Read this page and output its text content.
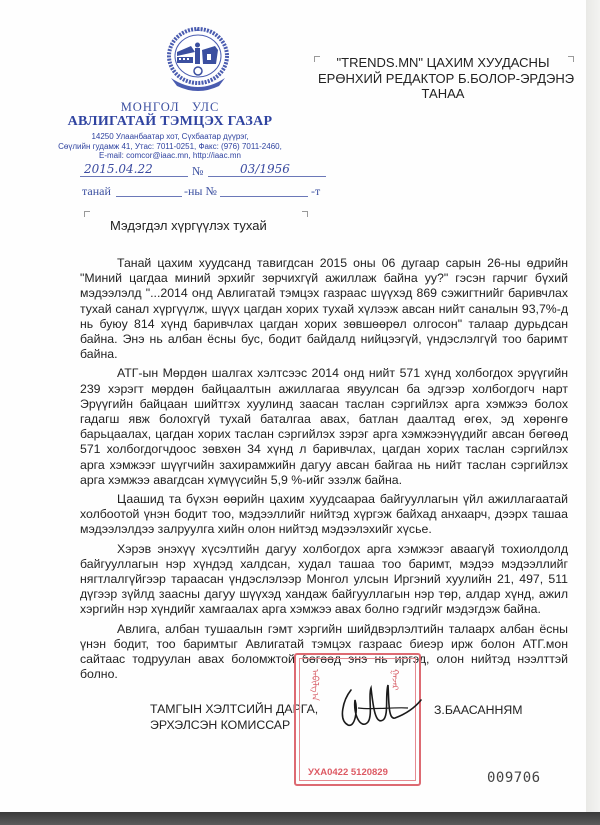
МОНГОЛ   УЛС
АВЛИГАТАЙ ТЭМЦЭХ ГАЗАР
14250 Улаанбаатар хот, Сүхбаатар дүүрэг,
Сөүлийн гудамж 41, Утас: 7011-0251, Факс: (976) 7011-2460,
E-mail: comcor@iaac.mn, http://iaac.mn
2015.04.22	№	03/1956
танай	-ны №	-т
"TRENDS.MN" ЦАХИМ ХУУДАСНЫ
ЕРӨНХИЙ РЕДАКТОР Б.БОЛОР-ЭРДЭНЭ
ТАНАА
Мэдэгдэл хүргүүлэх тухай

Танай цахим хуудсанд тавигдсан 2015 оны 06 дугаар сарын 26-ны өдрийн "Миний цагдаа миний эрхийг зөрчихгүй ажиллаж байна уу?" гэсэн гарчиг бүхий мэдээлэлд "...2014 онд Авлигатай тэмцэх газраас шүүхэд 869 сэжигтнийг баривчлах тухай санал хүргүүлж, шүүх цагдан хорих тухай хүлээж авсан нийт саналын 93,7%-д нь буюу 814 хүнд баривчлах цагдан хорих зөвшөөрөл олгосон" талаар дурьдсан байна. Энэ нь албан ёсны бус, бодит байдалд нийцээгүй, үндэслэлгүй тоо баримт байна.

АТГ-ын Мөрдөн шалгах хэлтсээс 2014 онд нийт 571 хүнд холбогдох эрүүгийн 239 хэрэгт мөрдөн байцаалтын ажиллагаа явуулсан ба эдгээр холбогдогч нарт Эрүүгийн байцаан шийтгэх хуулинд заасан таслан сэргийлэх арга хэмжээ болох гадагш явж болохгүй тухай баталгаа авах, батлан даалтад өгөх, эд хөрөнгө барьцаалах, цагдан хорих таслан сэргийлэх зэрэг арга хэмжээнүүдийг авсан бөгөөд 571 холбогдогчдоос зөвхөн 34 хүнд л баривчлах, цагдан хорих таслан сэргийлэх арга хэмжээг шүүгчийн захирамжийн дагуу авсан байгаа нь нийт таслан сэргийлэх арга хэмжээ авагдсан хүмүүсийн 5,9 %-ийг эзэлж байна.

Цаашид та бүхэн өөрийн цахим хуудсаараа байгууллагын үйл ажиллагаатай холбоотой үнэн бодит тоо, мэдээллийг нийтэд хүргэж байхад анхаарч, дээрх ташаа мэдээлэлдээ залруулга хийн олон нийтэд мэдээлэхийг хүсье.

Хэрэв энэхүү хүсэлтийн дагуу холбогдох арга хэмжээг аваагүй тохиолдолд байгууллагын нэр хүндэд халдсан, худал ташаа тоо баримт, мэдээ мэдээллийг нягтлалгүйгээр тараасан үндэслэлээр Монгол улсын Иргэний хуулийн 21, 497, 511 дүгээр зүйлд заасны дагуу шүүхэд хандаж байгууллагын нэр төр, алдар хүнд, ажил хэргийн нэр хүндийг хамгаалах арга хэмжээ авах болно гэдгийг мэдэгдэж байна.

Авлига, албан тушаалын гэмт хэргийн шийдвэрлэлтийн талаарх албан ёсны үнэн бодит, тоо баримтыг Авлигатай тэмцэх газраас биеэр ирж болон АТГ.мон сайтаас тодруулан авах боломжтой бөгөөд энэ нь иргэд, олон нийтэд нээлттэй болно.

ТАМГЫН ХЭЛТСИЙН ДАРГА,
ЭРХЭЛСЭН КОМИССАР
ᠠᠪᠢᠯᠭ᠎ᠠ	ᠭᠠᠵᠠᠷ
УХА0422 5120829
З.БААСАННЯМ
009706
